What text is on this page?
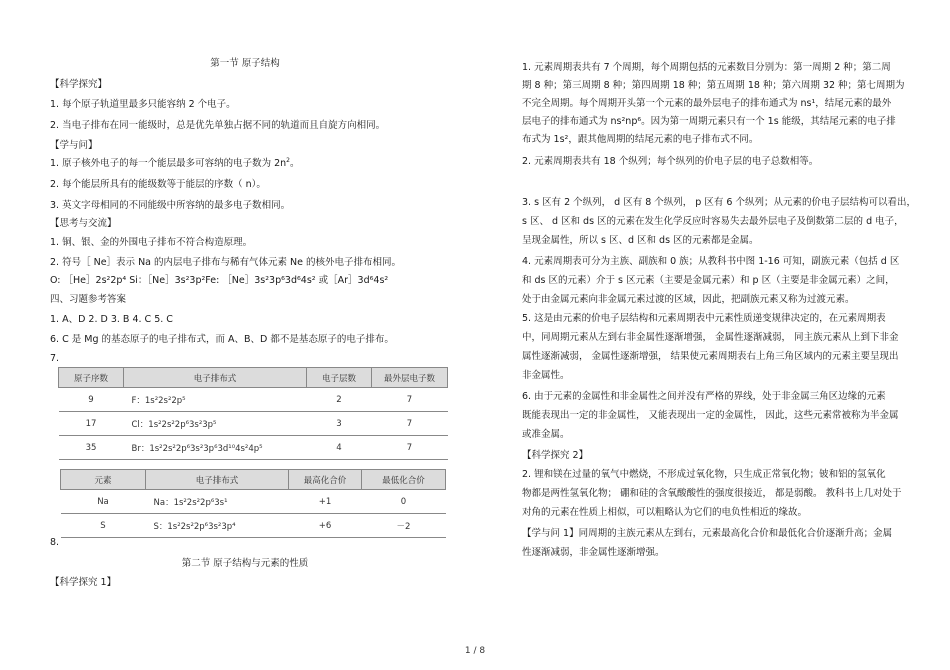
第一节 原子结构
【科学探究】
1. 每个原子轨道里最多只能容纳 2 个电子。
2. 当电子排布在同一能级时，总是优先单独占据不同的轨道而且自旋方向相同。
【学与问】
1. 原子核外电子的每一个能层最多可容纳的电子数为 $2n^2$。
2. 每个能层所具有的能级数等于能层的序数（ n）。
3. 英文字母相同的不同能级中所容纳的最多电子数相同。
【思考与交流】
1. 铜、银、金的外围电子排布不符合构造原理。
2. 符号［ Ne］表示 Na 的内层电子排布与稀有气体元素 Ne 的核外电子排布相同。
O: ［He］2s²2p⁴ Si：［Ne］3s²3p²Fe: ［Ne］3s²3p⁶3d⁶4s² 或［Ar］3d⁶4s²
四、习题参考答案
1. A、D 2. D 3. B 4. C 5. C
6. C 是 Mg 的基态原子的电子排布式，而 A、B、D 都不是基态原子的电子排布。
7.
原子序数	电子排布式	电子层数	最外层电子数
9	F：1s²2s²2p⁵	2	7
17	Cl：1s²2s²2p⁶3s²3p⁵	3	7
35	Br：1s²2s²2p⁶3s²3p⁶3d¹⁰4s²4p⁵	4	7
元素	电子排布式	最高化合价	最低化合价
Na	Na：1s²2s²2p⁶3s¹	+1	0
S	S：1s²2s²2p⁶3s²3p⁴	+6	－2
8.
第二节 原子结构与元素的性质
【科学探究 1】
1. 元素周期表共有 7 个周期，每个周期包括的元素数目分别为：第一周期 2 种；第二周
期 8 种；第三周期 8 种；第四周期 18 种；第五周期 18 种；第六周期 32 种；第七周期为
不完全周期。每个周期开头第一个元素的最外层电子的排布通式为 ns¹，结尾元素的最外
层电子的排布通式为 ns²np⁶。因为第一周期元素只有一个 1s 能级，其结尾元素的电子排
布式为 1s²，跟其他周期的结尾元素的电子排布式不同。
2. 元素周期表共有 18 个纵列；每个纵列的价电子层的电子总数相等。
3. s 区有 2 个纵列， d 区有 8 个纵列， p 区有 6 个纵列；从元素的价电子层结构可以看出，
s 区、 d 区和 ds 区的元素在发生化学反应时容易失去最外层电子及倒数第二层的 d 电子，
呈现金属性，所以 s 区、d 区和 ds 区的元素都是金属。
4. 元素周期表可分为主族、副族和 0 族；从教科书中图 1-16 可知，副族元素（包括 d 区
和 ds 区的元素）介于 s 区元素（主要是金属元素）和 p 区（主要是非金属元素）之间，
处于由金属元素向非金属元素过渡的区域，因此，把副族元素又称为过渡元素。
5. 这是由元素的价电子层结构和元素周期表中元素性质递变规律决定的，在元素周期表
中，同周期元素从左到右非金属性逐渐增强， 金属性逐渐减弱， 同主族元素从上到下非金
属性逐渐减弱， 金属性逐渐增强， 结果使元素周期表右上角三角区域内的元素主要呈现出
非金属性。
6. 由于元素的金属性和非金属性之间并没有严格的界线，处于非金属三角区边缘的元素
既能表现出一定的非金属性， 又能表现出一定的金属性， 因此，这些元素常被称为半金属
或准金属。
【科学探究 2】
2. 锂和镁在过量的氧气中燃烧，不形成过氧化物，只生成正常氧化物；铍和铝的氢氧化
物都是两性氢氧化物； 硼和硅的含氧酸酸性的强度很接近， 都是弱酸。 教科书上几对处于
对角的元素在性质上相似，可以粗略认为它们的电负性相近的缘故。
【学与问 1】同周期的主族元素从左到右，元素最高化合价和最低化合价逐渐升高；金属
性逐渐减弱，非金属性逐渐增强。
1 / 8
